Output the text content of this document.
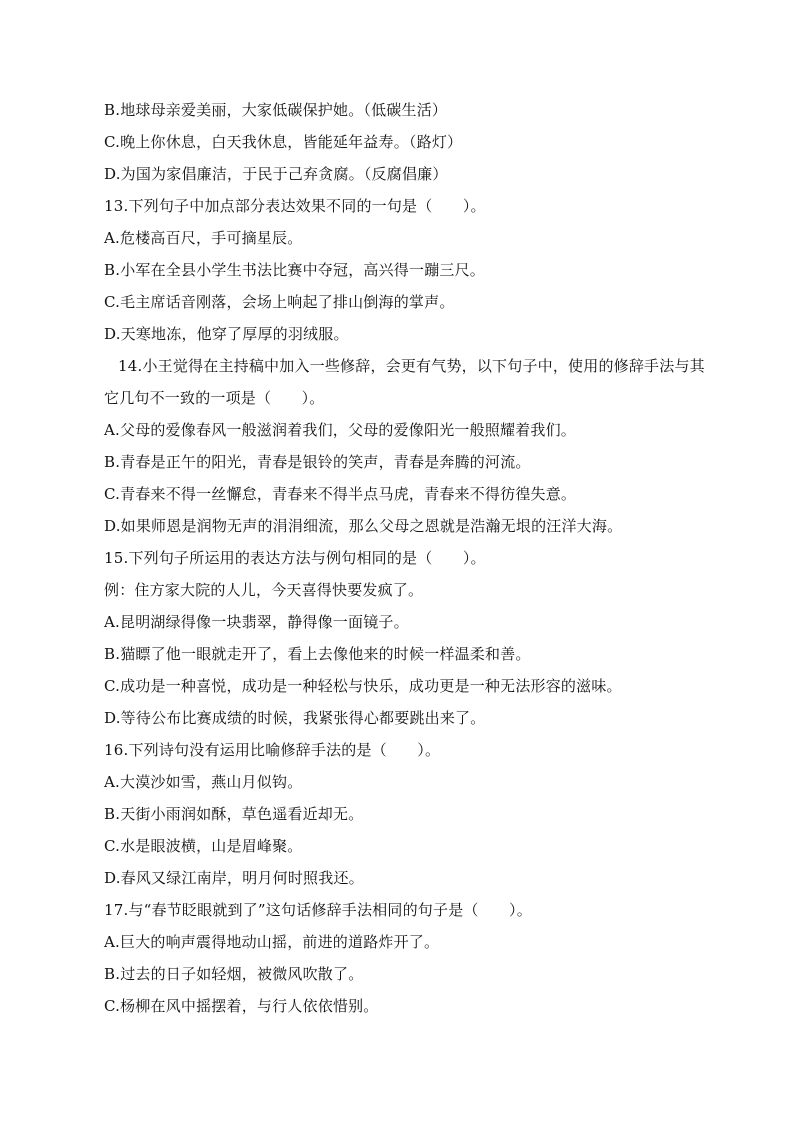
B.地球母亲爱美丽，大家低碳保护她。（低碳生活）
C.晚上你休息，白天我休息，皆能延年益寿。（路灯）
D.为国为家倡廉洁，于民于己弃贪腐。（反腐倡廉）
13.下列句子中加点部分表达效果不同的一句是（　　）。
A.危楼高百尺，手可摘星辰。
B.小军在全县小学生书法比赛中夺冠，高兴得一蹦三尺。
C.毛主席话音刚落，会场上响起了排山倒海的掌声。
D.天寒地冻，他穿了厚厚的羽绒服。
14.小王觉得在主持稿中加入一些修辞，会更有气势，以下句子中，使用的修辞手法与其
它几句不一致的一项是（　　）。
A.父母的爱像春风一般滋润着我们，父母的爱像阳光一般照耀着我们。
B.青春是正午的阳光，青春是银铃的笑声，青春是奔腾的河流。
C.青春来不得一丝懈怠，青春来不得半点马虎，青春来不得彷徨失意。
D.如果师恩是润物无声的涓涓细流，那么父母之恩就是浩瀚无垠的汪洋大海。
15.下列句子所运用的表达方法与例句相同的是（　　）。
例：住方家大院的人儿，今天喜得快要发疯了。
A.昆明湖绿得像一块翡翠，静得像一面镜子。
B.猫瞟了他一眼就走开了，看上去像他来的时候一样温柔和善。
C.成功是一种喜悦，成功是一种轻松与快乐，成功更是一种无法形容的滋味。
D.等待公布比赛成绩的时候，我紧张得心都要跳出来了。
16.下列诗句没有运用比喻修辞手法的是（　　）。
A.大漠沙如雪，燕山月似钩。
B.天街小雨润如酥，草色遥看近却无。
C.水是眼波横，山是眉峰聚。
D.春风又绿江南岸，明月何时照我还。
17.与“春节眨眼就到了”这句话修辞手法相同的句子是（　　）。
A.巨大的响声震得地动山摇，前进的道路炸开了。
B.过去的日子如轻烟，被微风吹散了。
C.杨柳在风中摇摆着，与行人依依惜别。
